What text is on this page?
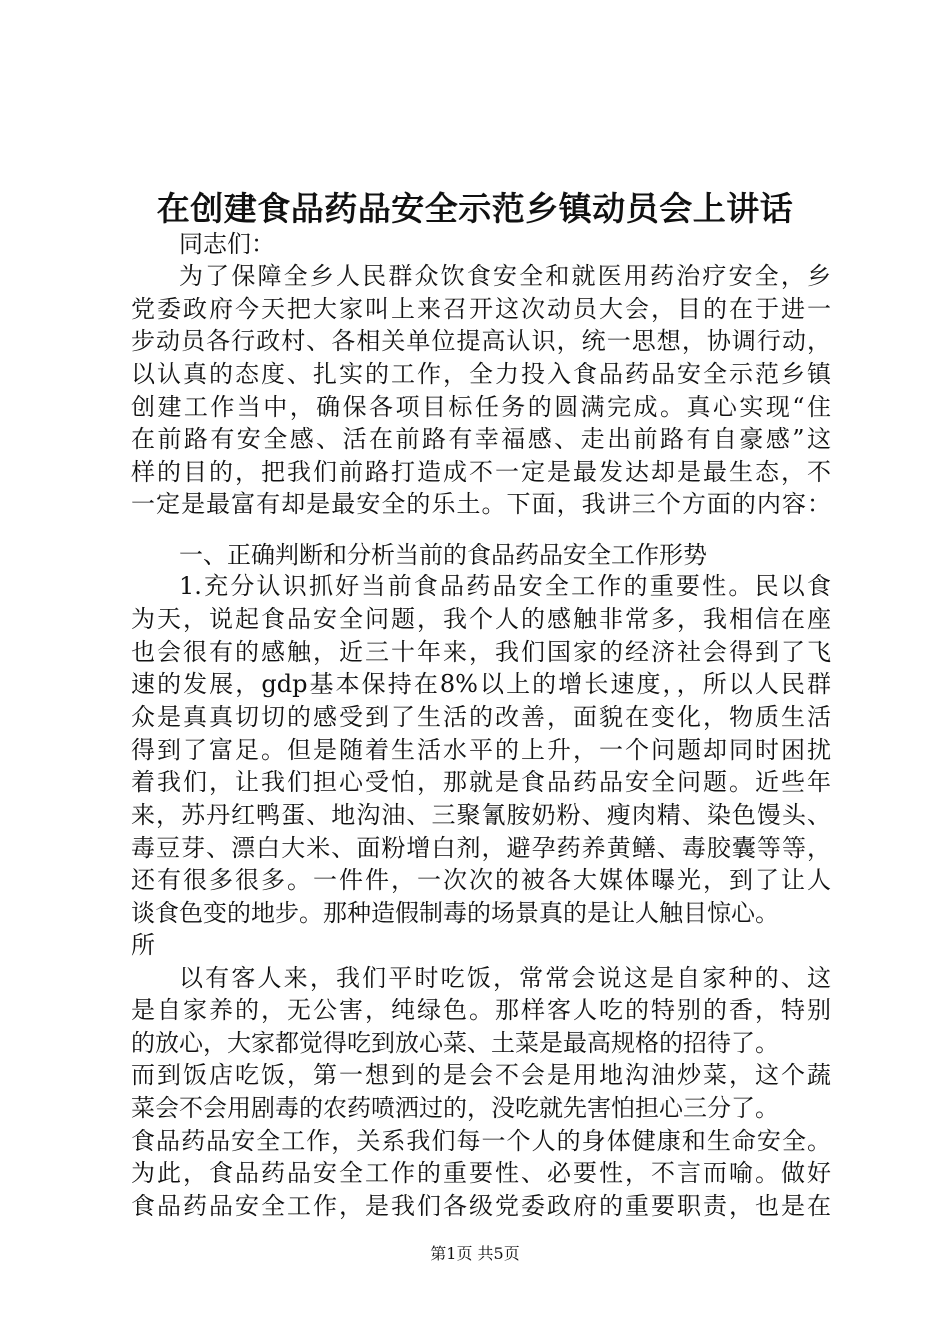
在创建食品药品安全示范乡镇动员会上讲话
同志们：
为了保障全乡人民群众饮食安全和就医用药治疗安全，乡
党委政府今天把大家叫上来召开这次动员大会，目的在于进一
步动员各行政村、各相关单位提高认识，统一思想，协调行动，
以认真的态度、扎实的工作，全力投入食品药品安全示范乡镇
创建工作当中，确保各项目标任务的圆满完成。真心实现“住
在前路有安全感、活在前路有幸福感、走出前路有自豪感”这
样的目的，把我们前路打造成不一定是最发达却是最生态，不
一定是最富有却是最安全的乐土。下面，我讲三个方面的内容：
一、正确判断和分析当前的食品药品安全工作形势
1.充分认识抓好当前食品药品安全工作的重要性。民以食
为天，说起食品安全问题，我个人的感触非常多，我相信在座
也会很有的感触，近三十年来，我们国家的经济社会得到了飞
速的发展，gdp基本保持在8%以上的增长速度，，所以人民群
众是真真切切的感受到了生活的改善，面貌在变化，物质生活
得到了富足。但是随着生活水平的上升，一个问题却同时困扰
着我们，让我们担心受怕，那就是食品药品安全问题。近些年
来，苏丹红鸭蛋、地沟油、三聚氰胺奶粉、瘦肉精、染色馒头、
毒豆芽、漂白大米、面粉增白剂，避孕药养黄鳝、毒胶囊等等，
还有很多很多。一件件，一次次的被各大媒体曝光，到了让人
谈食色变的地步。那种造假制毒的场景真的是让人触目惊心。
所
以有客人来，我们平时吃饭，常常会说这是自家种的、这
是自家养的，无公害，纯绿色。那样客人吃的特别的香，特别
的放心，大家都觉得吃到放心菜、土菜是最高规格的招待了。
而到饭店吃饭，第一想到的是会不会是用地沟油炒菜，这个蔬
菜会不会用剧毒的农药喷洒过的，没吃就先害怕担心三分了。
食品药品安全工作，关系我们每一个人的身体健康和生命安全。
为此，食品药品安全工作的重要性、必要性，不言而喻。做好
食品药品安全工作，是我们各级党委政府的重要职责，也是在
第1页 共5页
